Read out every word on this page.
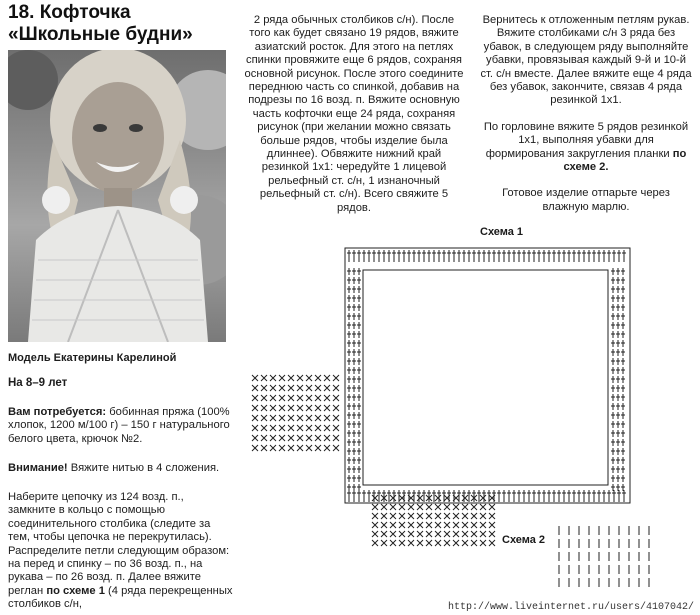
18. Кофточка
«Школьные будни»
Модель Екатерины Карелиной
На 8–9 лет
Вам потребуется: бобинная пряжа (100% хлопок, 1200 м/100 г) – 150 г натурального белого цвета, крючок №2.
Внимание! Вяжите нитью в 4 сложения.
Наберите цепочку из 124 возд. п., замкните в кольцо с помощью соединительного столбика (следите за тем, чтобы цепочка не перекрутилась). Распределите петли следующим образом: на перед и спинку – по 36 возд. п., на рукава – по 26 возд. п. Далее вяжите реглан по схеме 1 (4 ряда перекрещенных столбиков с/н,
2 ряда обычных столбиков с/н). После того как будет связано 19 рядов, вяжите азиатский росток. Для этого на петлях спинки провяжите еще 6 рядов, сохраняя основной рисунок. После этого соедините переднюю часть со спинкой, добавив на подрезы по 16 возд. п. Вяжите основную часть кофточки еще 24 ряда, сохраняя рисунок (при желании можно связать больше рядов, чтобы изделие была длиннее). Обвяжите нижний край резинкой 1х1: чередуйте 1 лицевой рельефный ст. с/н, 1 изнаночный рельефный ст. с/н). Всего свяжите 5 рядов.

Вернитесь к отложенным петлям рукав. Вяжите столбиками с/н 3 ряда без убавок, в следующем ряду выполняйте убавки, провязывая каждый 9-й и 10-й ст. с/н вместе. Далее вяжите еще 4 ряда без убавок, закончите, связав 4 ряда резинкой 1х1.

По горловине вяжите 5 рядов резинкой 1х1, выполняя убавки для формирования закругления планки по схеме 2.

Готовое изделие отпарьте через влажную марлю.

Схема 1
Схема 2
http://www.liveinternet.ru/users/4107042/
